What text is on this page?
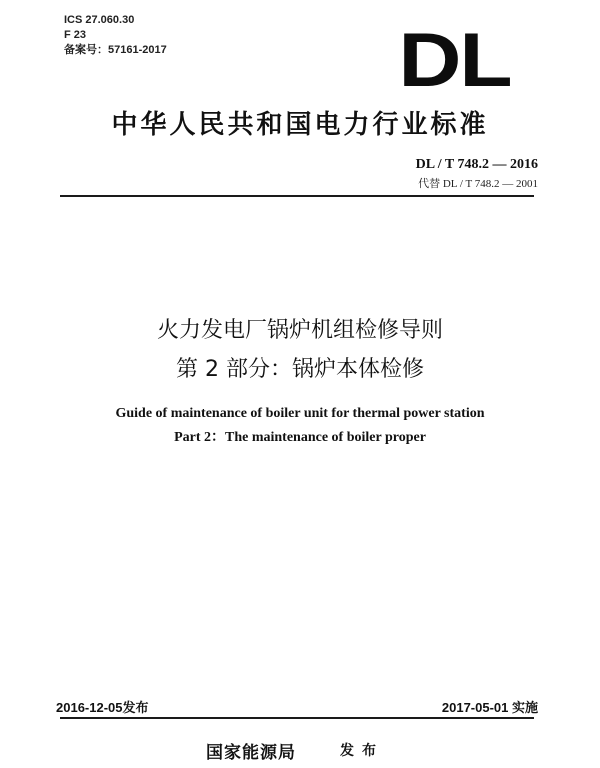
ICS 27.060.30
F 23
备案号：57161-2017	DL
中华人民共和国电力行业标准
DL / T 748.2 — 2016
代替 DL / T 748.2 — 2001
火力发电厂锅炉机组检修导则
第 2 部分：锅炉本体检修
Guide of maintenance of boiler unit for thermal power station
Part 2：The maintenance of boiler proper
2016-12-05发布	2017-05-01 实施
国家能源局	发布
